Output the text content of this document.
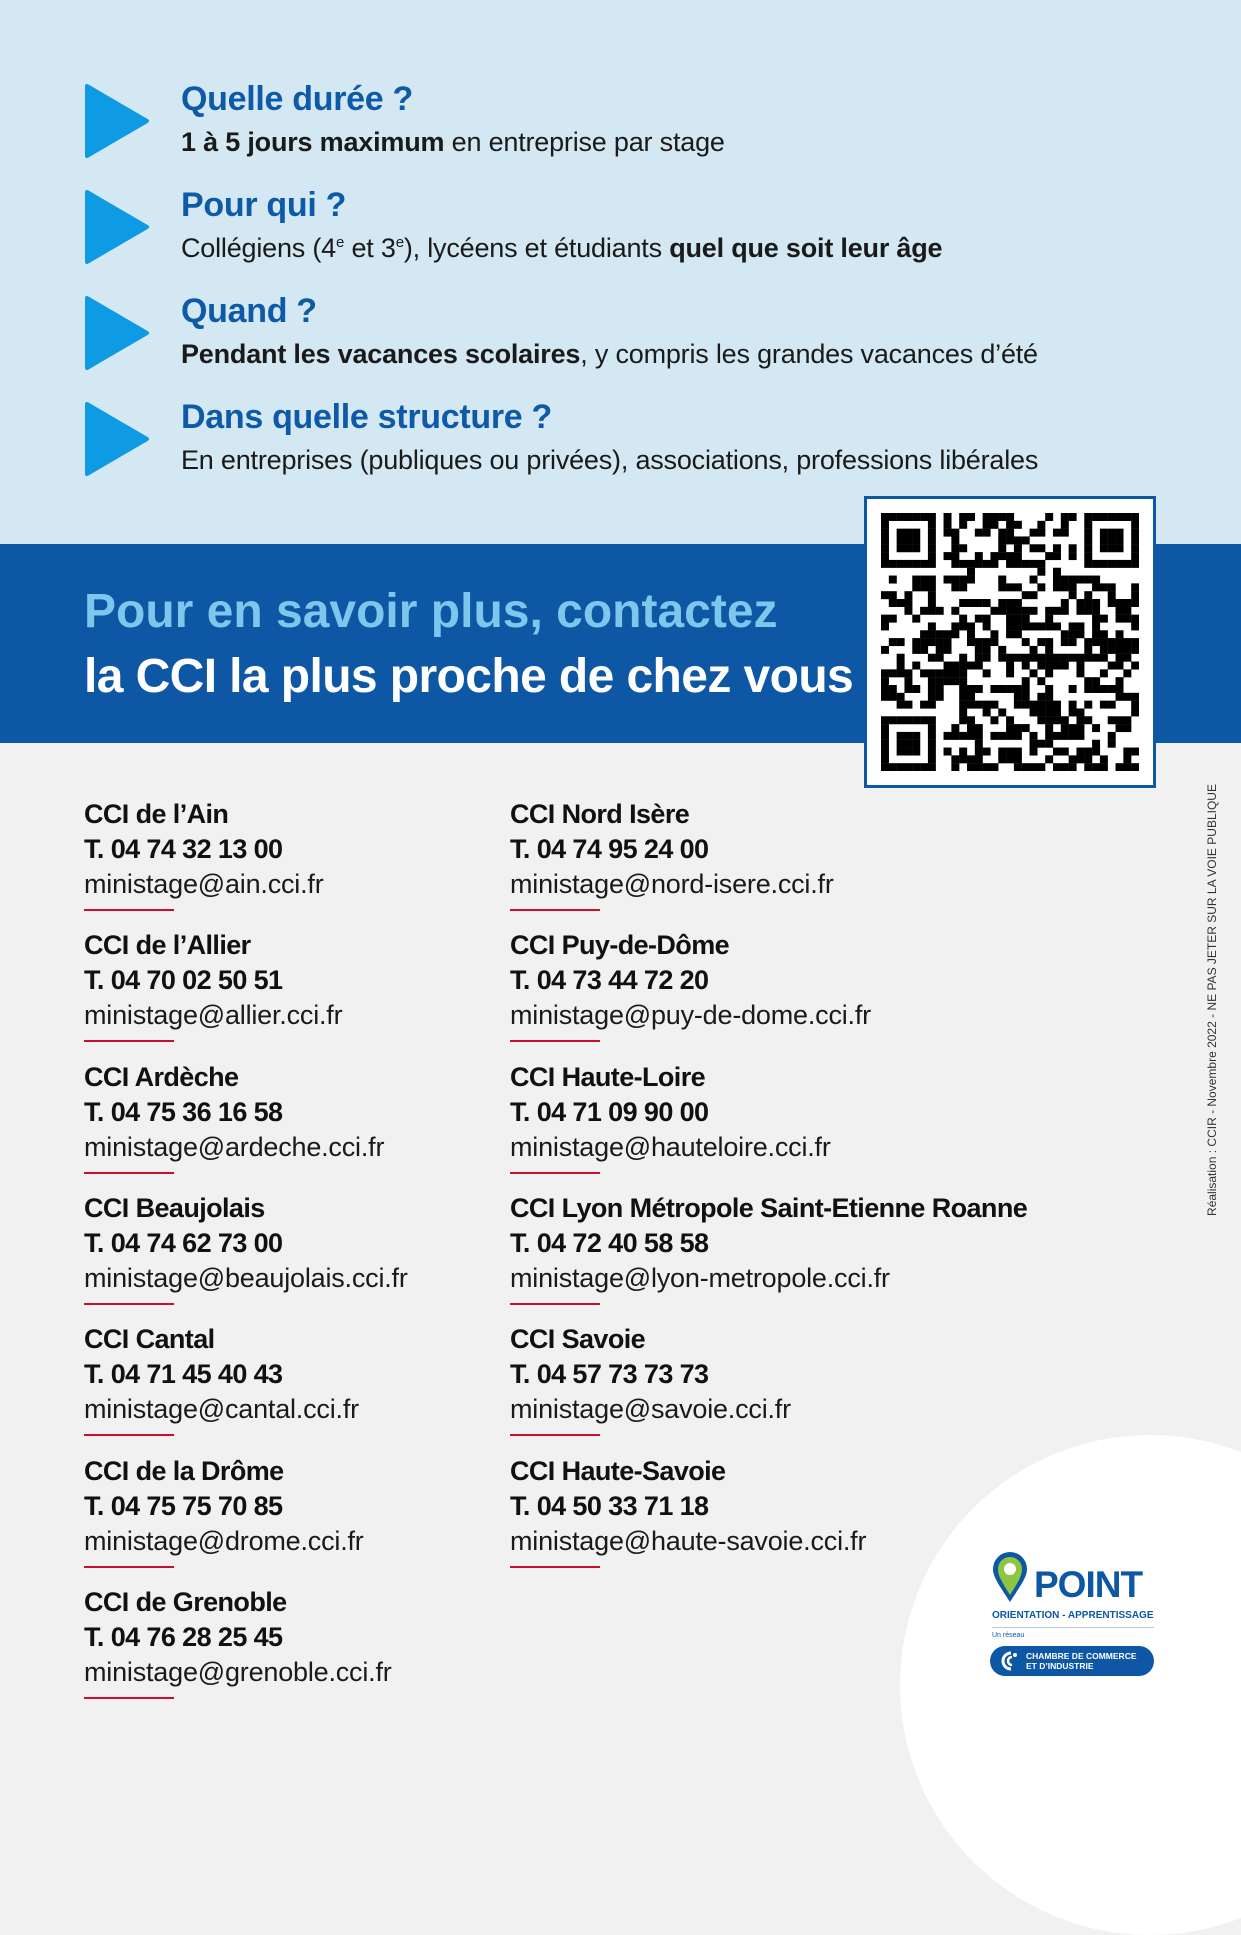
Quelle durée ?
1 à 5 jours maximum en entreprise par stage
Pour qui ?
Collégiens (4e et 3e), lycéens et étudiants quel que soit leur âge
Quand ?
Pendant les vacances scolaires, y compris les grandes vacances d’été
Dans quelle structure ?
En entreprises (publiques ou privées), associations, professions libérales
Pour en savoir plus, contactez
la CCI la plus proche de chez vous
CCI de l’Ain
T. 04 74 32 13 00
ministage@ain.cci.fr
CCI de l’Allier
T. 04 70 02 50 51
ministage@allier.cci.fr
CCI Ardèche
T. 04 75 36 16 58
ministage@ardeche.cci.fr
CCI Beaujolais
T. 04 74 62 73 00
ministage@beaujolais.cci.fr
CCI Cantal
T. 04 71 45 40 43
ministage@cantal.cci.fr
CCI de la Drôme
T. 04 75 75 70 85
ministage@drome.cci.fr
CCI de Grenoble
T. 04 76 28 25 45
ministage@grenoble.cci.fr
CCI Nord Isère
T. 04 74 95 24 00
ministage@nord-isere.cci.fr
CCI Puy-de-Dôme
T. 04 73 44 72 20
ministage@puy-de-dome.cci.fr
CCI Haute-Loire
T. 04 71 09 90 00
ministage@hauteloire.cci.fr
CCI Lyon Métropole Saint-Etienne Roanne
T. 04 72 40 58 58
ministage@lyon-metropole.cci.fr
CCI Savoie
T. 04 57 73 73 73
ministage@savoie.cci.fr
CCI Haute-Savoie
T. 04 50 33 71 18
ministage@haute-savoie.cci.fr
Réalisation : CCIR - Novembre 2022 - NE PAS JETER SUR LA VOIE PUBLIQUE
POINT
ORIENTATION - APPRENTISSAGE
Un réseau
CHAMBRE DE COMMERCE
ET D’INDUSTRIE
